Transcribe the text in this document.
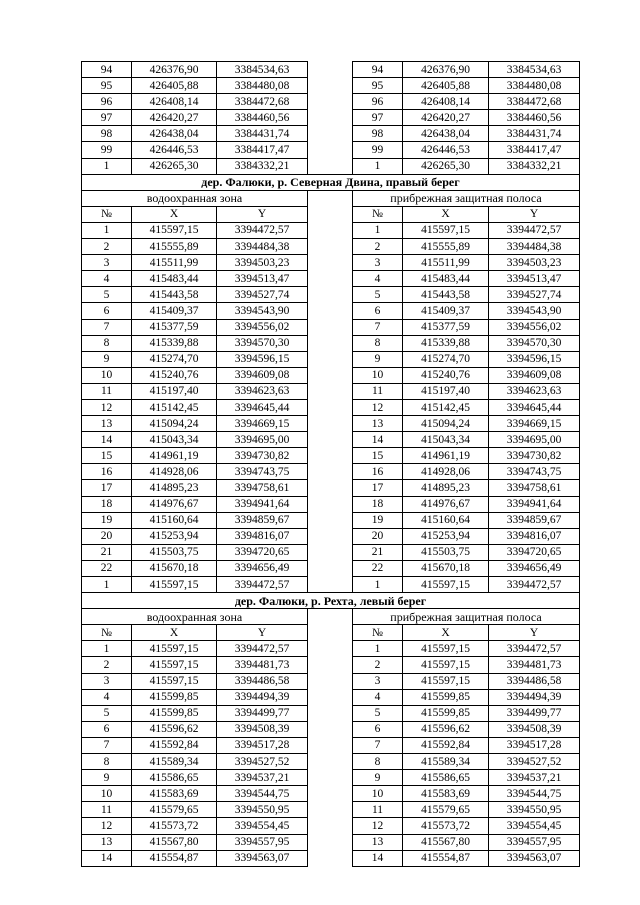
94	426376,90	3384534,63		94	426376,90	3384534,63
95	426405,88	3384480,08		95	426405,88	3384480,08
96	426408,14	3384472,68		96	426408,14	3384472,68
97	426420,27	3384460,56		97	426420,27	3384460,56
98	426438,04	3384431,74		98	426438,04	3384431,74
99	426446,53	3384417,47		99	426446,53	3384417,47
1	426265,30	3384332,21		1	426265,30	3384332,21
дер. Фалюки, р. Северная Двина, правый берег						
водоохранная зона				прибрежная защитная полоса		
№	X	Y		№	X	Y
1	415597,15	3394472,57		1	415597,15	3394472,57
2	415555,89	3394484,38		2	415555,89	3394484,38
3	415511,99	3394503,23		3	415511,99	3394503,23
4	415483,44	3394513,47		4	415483,44	3394513,47
5	415443,58	3394527,74		5	415443,58	3394527,74
6	415409,37	3394543,90		6	415409,37	3394543,90
7	415377,59	3394556,02		7	415377,59	3394556,02
8	415339,88	3394570,30		8	415339,88	3394570,30
9	415274,70	3394596,15		9	415274,70	3394596,15
10	415240,76	3394609,08		10	415240,76	3394609,08
11	415197,40	3394623,63		11	415197,40	3394623,63
12	415142,45	3394645,44		12	415142,45	3394645,44
13	415094,24	3394669,15		13	415094,24	3394669,15
14	415043,34	3394695,00		14	415043,34	3394695,00
15	414961,19	3394730,82		15	414961,19	3394730,82
16	414928,06	3394743,75		16	414928,06	3394743,75
17	414895,23	3394758,61		17	414895,23	3394758,61
18	414976,67	3394941,64		18	414976,67	3394941,64
19	415160,64	3394859,67		19	415160,64	3394859,67
20	415253,94	3394816,07		20	415253,94	3394816,07
21	415503,75	3394720,65		21	415503,75	3394720,65
22	415670,18	3394656,49		22	415670,18	3394656,49
1	415597,15	3394472,57		1	415597,15	3394472,57
дер. Фалюки, р. Рехта, левый берег						
водоохранная зона				прибрежная защитная полоса		
№	X	Y		№	X	Y
1	415597,15	3394472,57		1	415597,15	3394472,57
2	415597,15	3394481,73		2	415597,15	3394481,73
3	415597,15	3394486,58		3	415597,15	3394486,58
4	415599,85	3394494,39		4	415599,85	3394494,39
5	415599,85	3394499,77		5	415599,85	3394499,77
6	415596,62	3394508,39		6	415596,62	3394508,39
7	415592,84	3394517,28		7	415592,84	3394517,28
8	415589,34	3394527,52		8	415589,34	3394527,52
9	415586,65	3394537,21		9	415586,65	3394537,21
10	415583,69	3394544,75		10	415583,69	3394544,75
11	415579,65	3394550,95		11	415579,65	3394550,95
12	415573,72	3394554,45		12	415573,72	3394554,45
13	415567,80	3394557,95		13	415567,80	3394557,95
14	415554,87	3394563,07		14	415554,87	3394563,07
